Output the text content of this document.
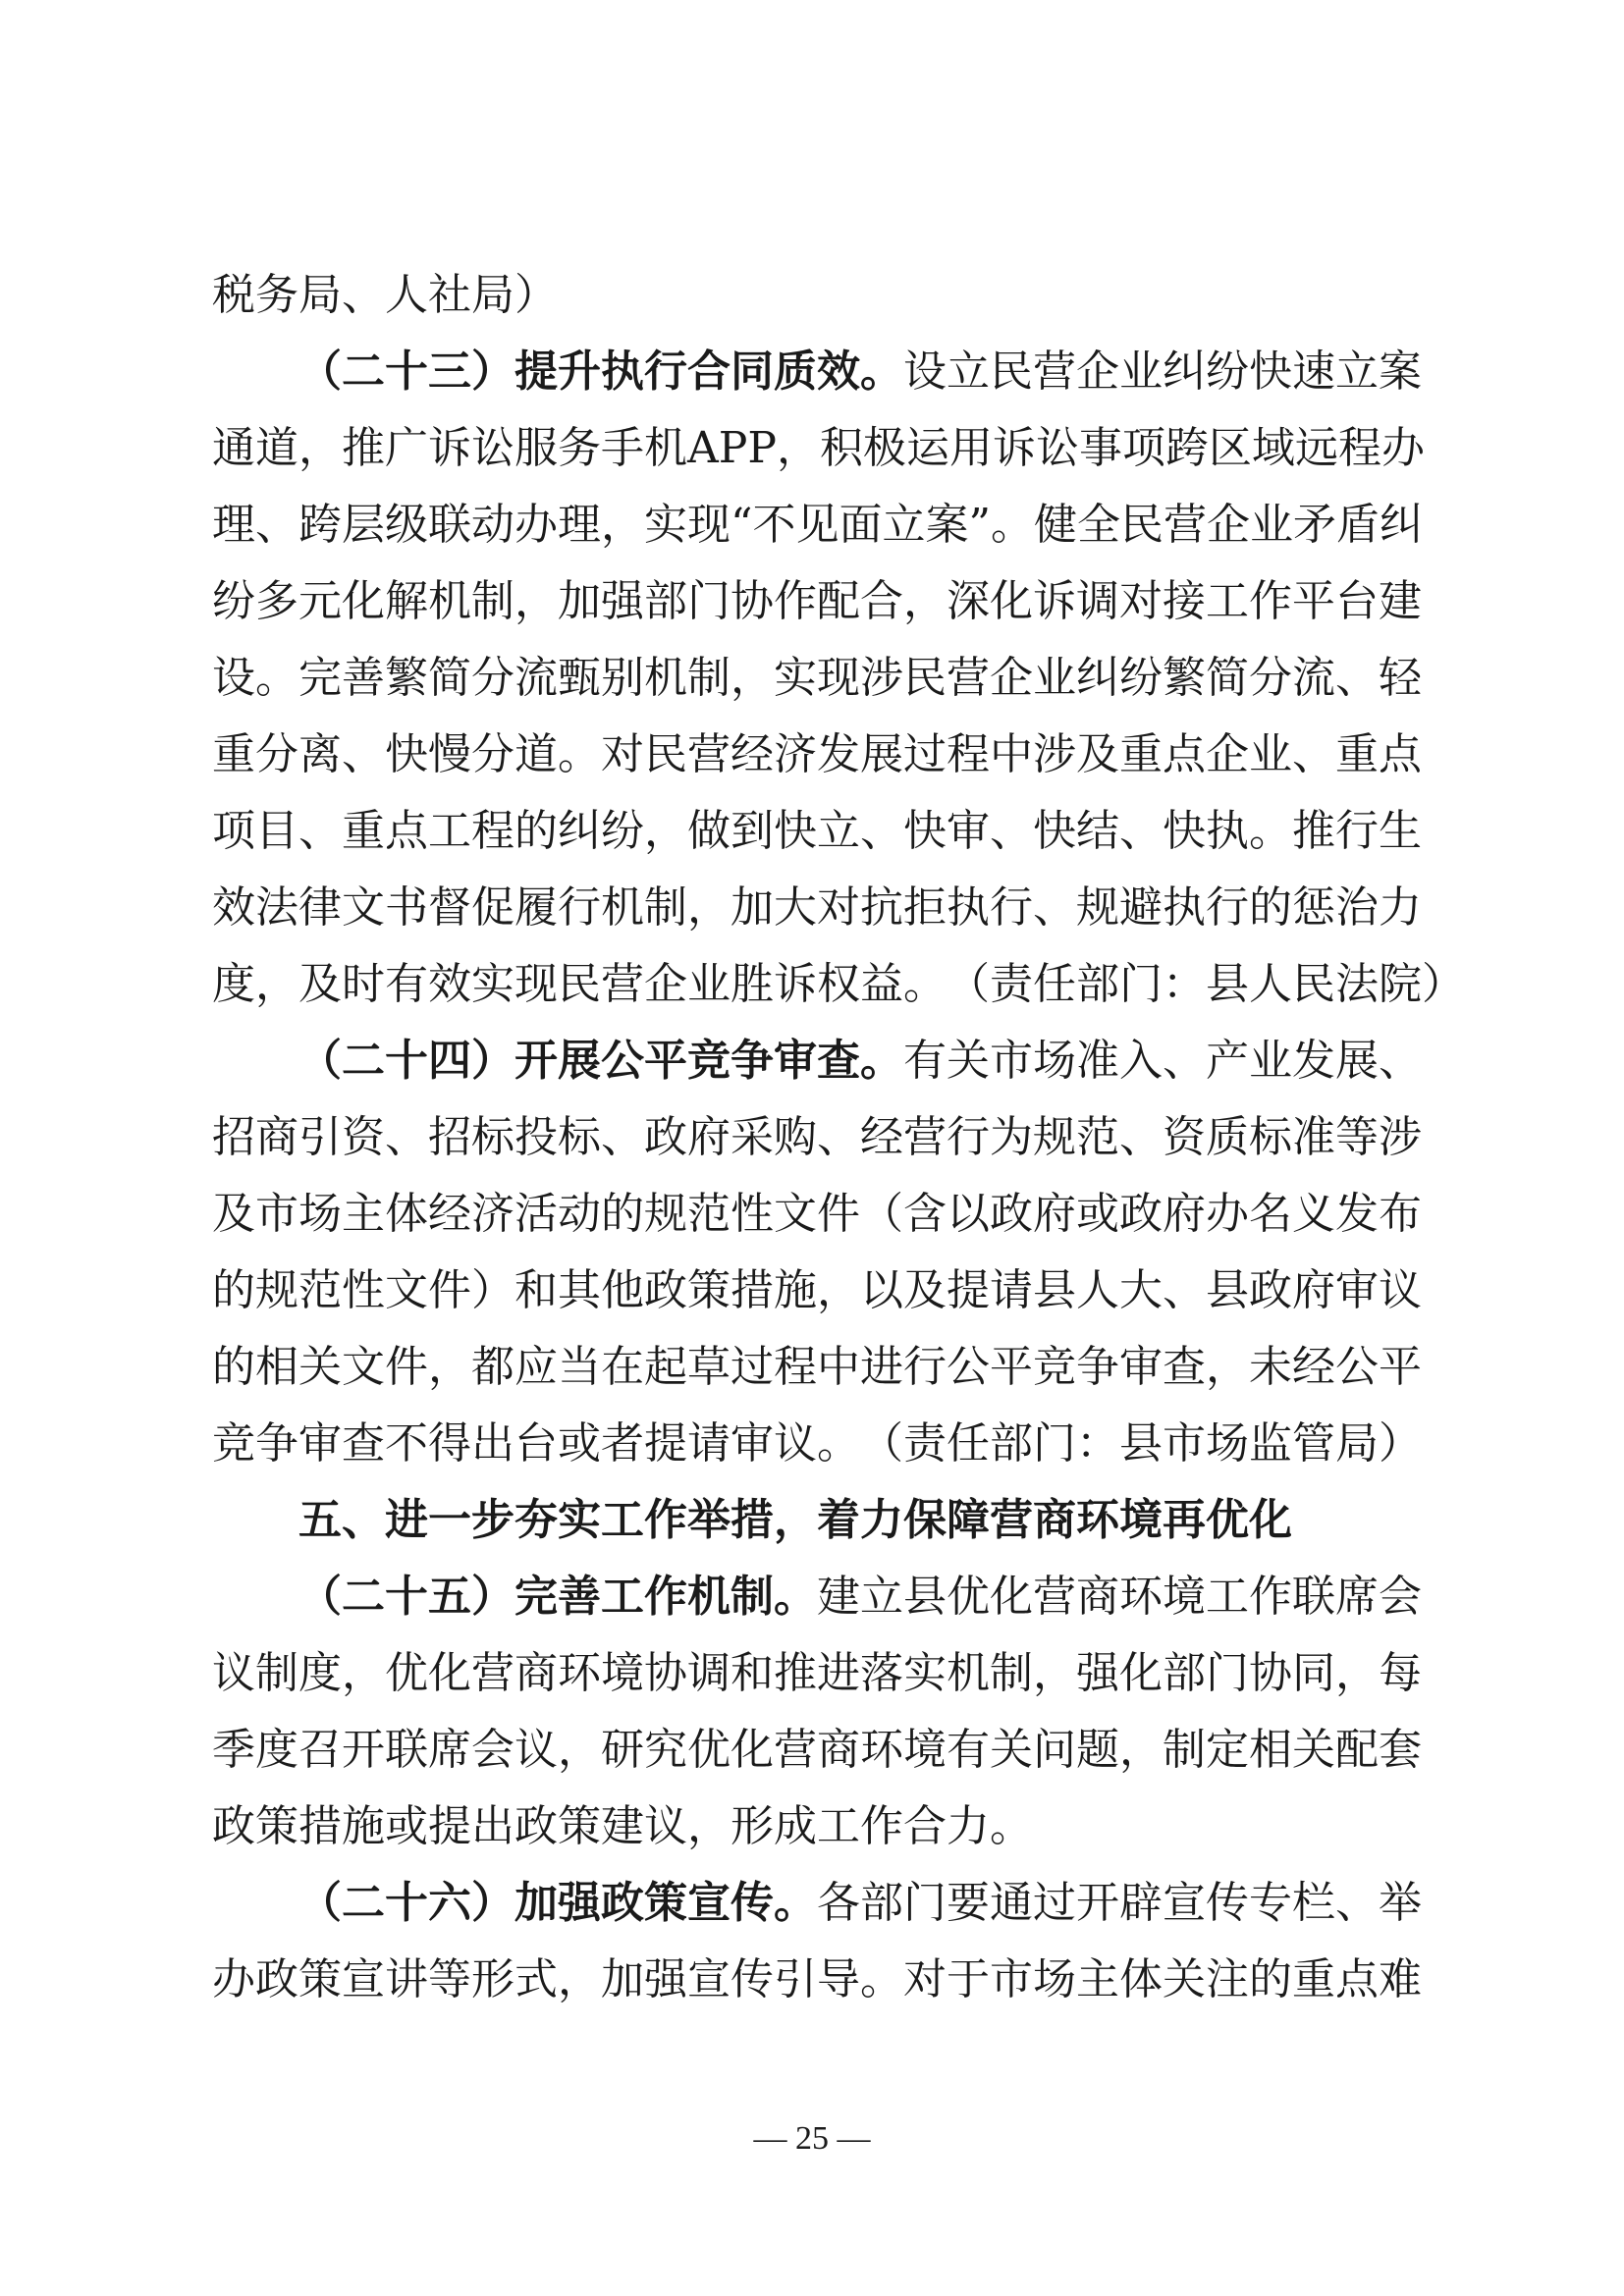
税务局、人社局）
（二十三）提升执行合同质效。设立民营企业纠纷快速立案
通 道 ， 推 广 诉 讼 服 务 手 机 A P P ， 积 极 运 用 诉 讼 事 项 跨 区 域 远 程 办
理 、 跨 层 级 联 动 办 理 ， 实 现 “ 不 见 面 立 案 ” 。 健 全 民 营 企 业 矛 盾 纠
纷 多 元 化 解 机 制 ， 加 强 部 门 协 作 配 合 ， 深 化 诉 调 对 接 工 作 平 台 建
设 。 完 善 繁 简 分 流 甄 别 机 制 ， 实 现 涉 民 营 企 业 纠 纷 繁 简 分 流 、 轻
重 分 离 、 快 慢 分 道 。 对 民 营 经 济 发 展 过 程 中 涉 及 重 点 企 业 、 重 点
项 目 、 重 点 工 程 的 纠 纷 ， 做 到 快 立 、 快 审 、 快 结 、 快 执 。 推 行 生
效 法 律 文 书 督 促 履 行 机 制 ， 加 大 对 抗 拒 执 行 、 规 避 执 行 的 惩 治 力
度 ， 及 时 有 效 实 现 民 营 企 业 胜 诉 权 益 。 （ 责 任 部 门 ： 县 人 民 法 院 ）
（二十四）开展公平竞争审查。有关市场准入、产业发展、
招 商 引 资 、 招 标 投 标 、 政 府 采 购 、 经 营 行 为 规 范 、 资 质 标 准 等 涉
及 市 场 主 体 经 济 活 动 的 规 范 性 文 件 （ 含 以 政 府 或 政 府 办 名 义 发 布
的 规 范 性 文 件 ） 和 其 他 政 策 措 施 ， 以 及 提 请 县 人 大 、 县 政 府 审 议
的 相 关 文 件 ， 都 应 当 在 起 草 过 程 中 进 行 公 平 竞 争 审 查 ， 未 经 公 平
竞 争 审 查 不 得 出 台 或 者 提 请 审 议 。 （ 责 任 部 门 ： 县 市 场 监 管 局 ）
五、进一步夯实工作举措，着力保障营商环境再优化
（二十五）完善工作机制。建立县优化营商环境工作联席会
议 制 度 ， 优 化 营 商 环 境 协 调 和 推 进 落 实 机 制 ， 强 化 部 门 协 同 ， 每
季 度 召 开 联 席 会 议 ， 研 究 优 化 营 商 环 境 有 关 问 题 ， 制 定 相 关 配 套
政策措施或提出政策建议，形成工作合力。
（二十六）加强政策宣传。各部门要通过开辟宣传专栏、举
办 政 策 宣 讲 等 形 式 ， 加 强 宣 传 引 导 。 对 于 市 场 主 体 关 注 的 重 点 难
— 25 —
